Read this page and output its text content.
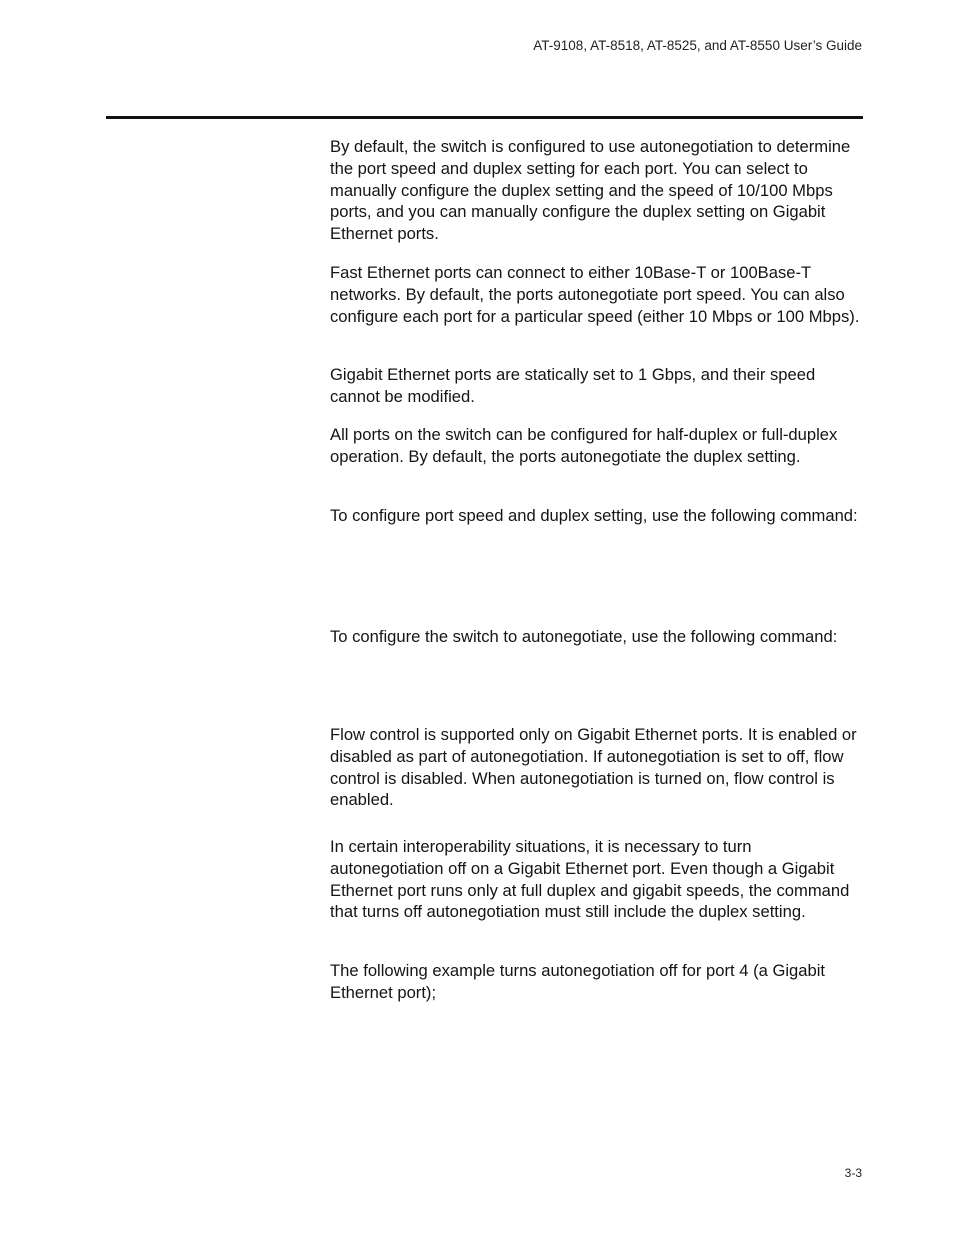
AT-9108, AT-8518, AT-8525, and AT-8550 User’s Guide

By default, the switch is configured to use autonegotiation to determine the port speed and duplex setting for each port. You can select to manually configure the duplex setting and the speed of 10/100 Mbps ports, and you can manually configure the duplex setting on Gigabit Ethernet ports.

Fast Ethernet ports can connect to either 10Base-T or 100Base-T networks. By default, the ports autonegotiate port speed. You can also configure each port for a particular speed (either 10 Mbps or 100 Mbps).

Gigabit Ethernet ports are statically set to 1 Gbps, and their speed cannot be modified.

All ports on the switch can be configured for half-duplex or full-duplex operation. By default, the ports autonegotiate the duplex setting.

To configure port speed and duplex setting, use the following command:

To configure the switch to autonegotiate, use the following command:

Flow control is supported only on Gigabit Ethernet ports. It is enabled or disabled as part of autonegotiation. If autonegotiation is set to off, flow control is disabled. When autonegotiation is turned on, flow control is enabled.

In certain interoperability situations, it is necessary to turn autonegotiation off on a Gigabit Ethernet port. Even though a Gigabit Ethernet port runs only at full duplex and gigabit speeds, the command that turns off autonegotiation must still include the duplex setting.

The following example turns autonegotiation off for port 4 (a Gigabit Ethernet port);

3-3
